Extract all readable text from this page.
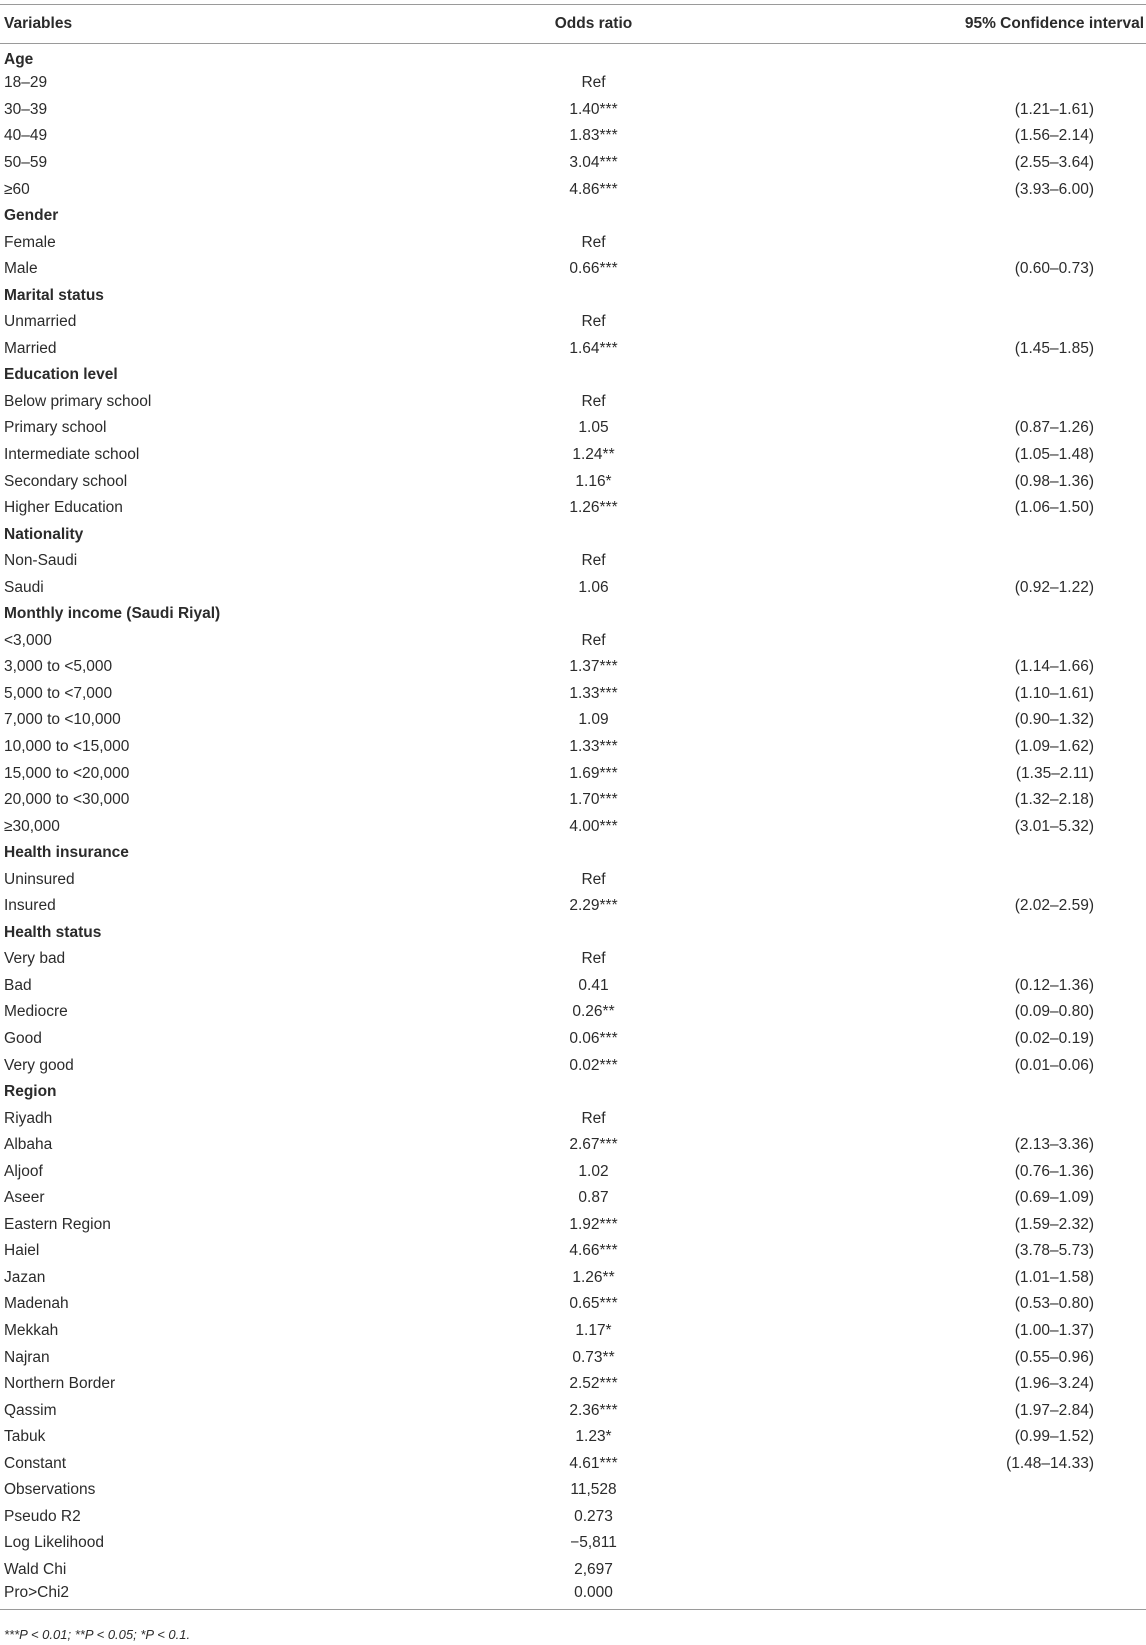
Variables	Odds ratio	95% Confidence interval
Age		
18–29	Ref	
30–39	1.40***	(1.21–1.61)
40–49	1.83***	(1.56–2.14)
50–59	3.04***	(2.55–3.64)
≥60	4.86***	(3.93–6.00)
Gender		
Female	Ref	
Male	0.66***	(0.60–0.73)
Marital status		
Unmarried	Ref	
Married	1.64***	(1.45–1.85)
Education level		
Below primary school	Ref	
Primary school	1.05	(0.87–1.26)
Intermediate school	1.24**	(1.05–1.48)
Secondary school	1.16*	(0.98–1.36)
Higher Education	1.26***	(1.06–1.50)
Nationality		
Non-Saudi	Ref	
Saudi	1.06	(0.92–1.22)
Monthly income (Saudi Riyal)		
<3,000	Ref	
3,000 to <5,000	1.37***	(1.14–1.66)
5,000 to <7,000	1.33***	(1.10–1.61)
7,000 to <10,000	1.09	(0.90–1.32)
10,000 to <15,000	1.33***	(1.09–1.62)
15,000 to <20,000	1.69***	(1.35–2.11)
20,000 to <30,000	1.70***	(1.32–2.18)
≥30,000	4.00***	(3.01–5.32)
Health insurance		
Uninsured	Ref	
Insured	2.29***	(2.02–2.59)
Health status		
Very bad	Ref	
Bad	0.41	(0.12–1.36)
Mediocre	0.26**	(0.09–0.80)
Good	0.06***	(0.02–0.19)
Very good	0.02***	(0.01–0.06)
Region		
Riyadh	Ref	
Albaha	2.67***	(2.13–3.36)
Aljoof	1.02	(0.76–1.36)
Aseer	0.87	(0.69–1.09)
Eastern Region	1.92***	(1.59–2.32)
Haiel	4.66***	(3.78–5.73)
Jazan	1.26**	(1.01–1.58)
Madenah	0.65***	(0.53–0.80)
Mekkah	1.17*	(1.00–1.37)
Najran	0.73**	(0.55–0.96)
Northern Border	2.52***	(1.96–3.24)
Qassim	2.36***	(1.97–2.84)
Tabuk	1.23*	(0.99–1.52)
Constant	4.61***	(1.48–14.33)
Observations	11,528	
Pseudo R2	0.273	
Log Likelihood	−5,811	
Wald Chi	2,697	
Pro>Chi2	0.000	
***P < 0.01; **P < 0.05; *P < 0.1.
